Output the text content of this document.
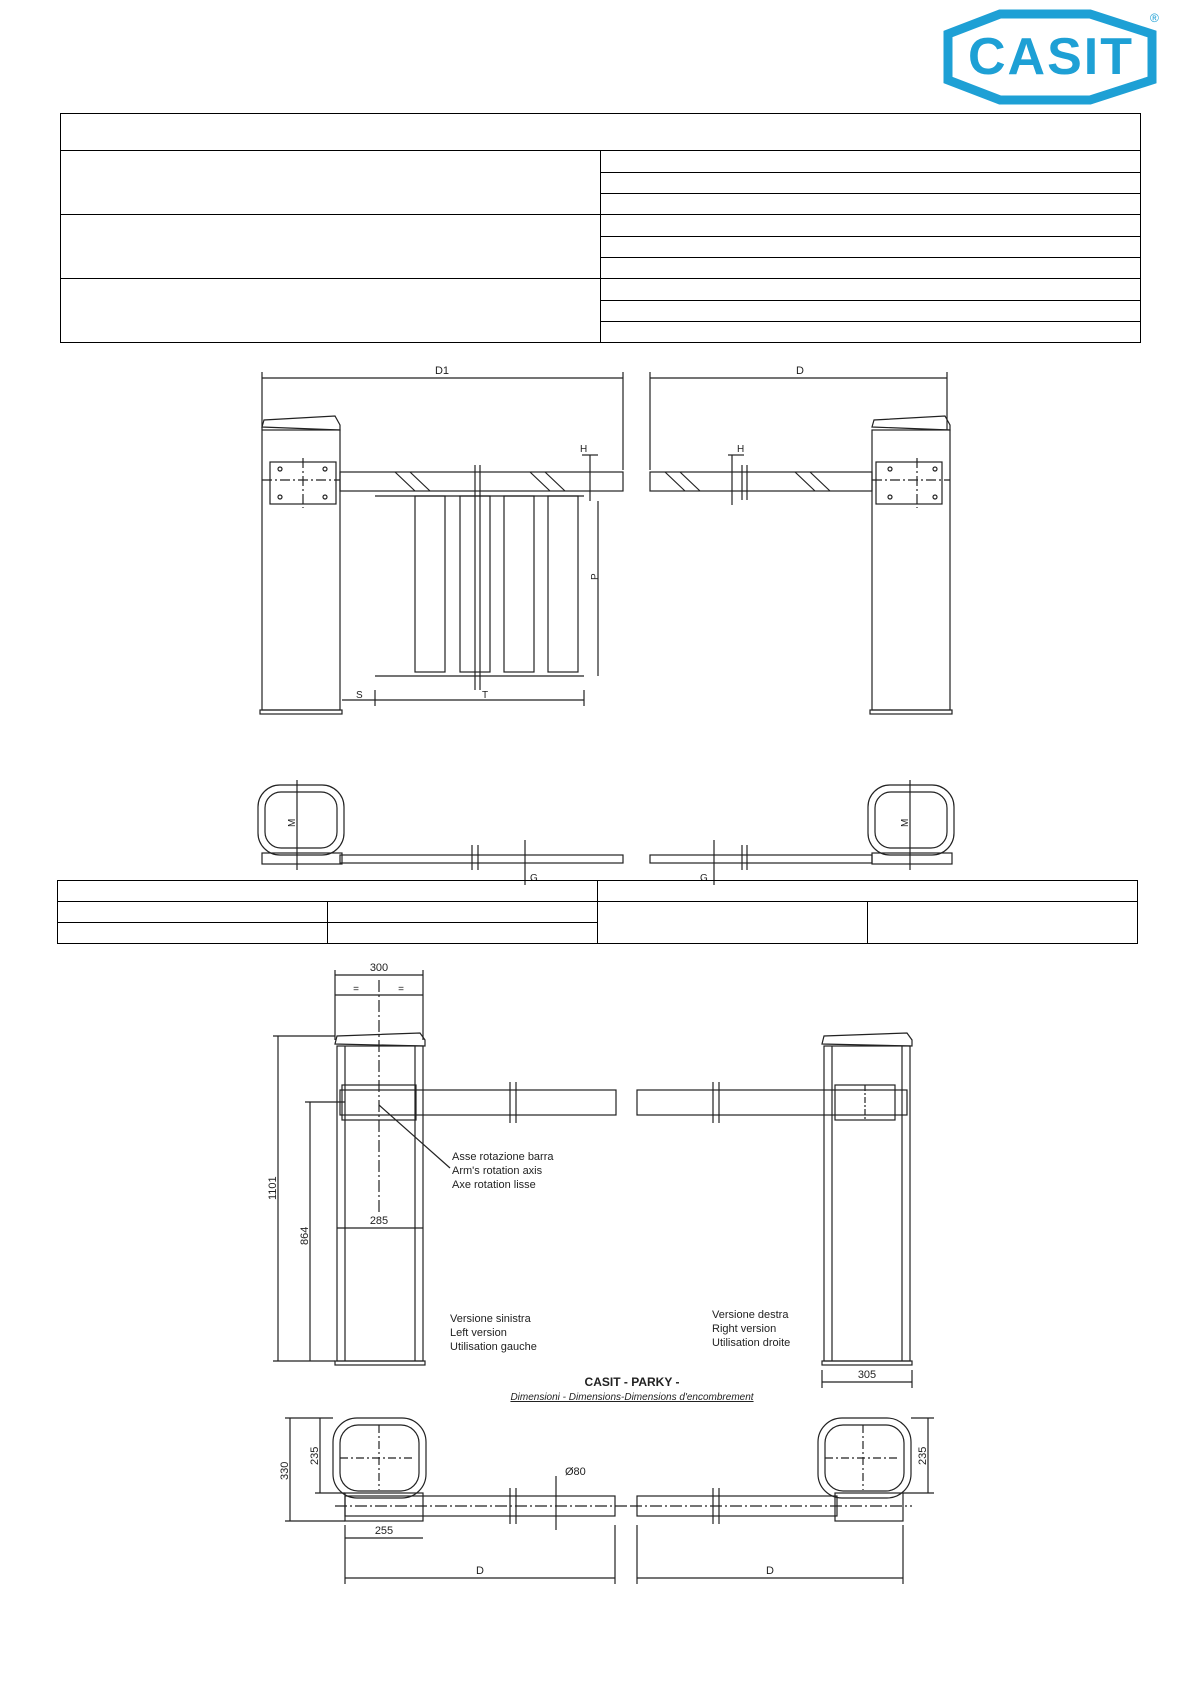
CASIT
®

D1	D
H
P
S	T
H
M
G
M
G

300
=	=
Asse rotazione barra
Arm's rotation axis
Axe rotation lisse
1101
864
285
Versione sinistra
Left version
Utilisation gauche
305
Versione destra
Right version
Utilisation droite
CASIT - PARKY -
Dimensioni - Dimensions-Dimensions d'encombrement
Ø80
330
235
255
D
235
D
